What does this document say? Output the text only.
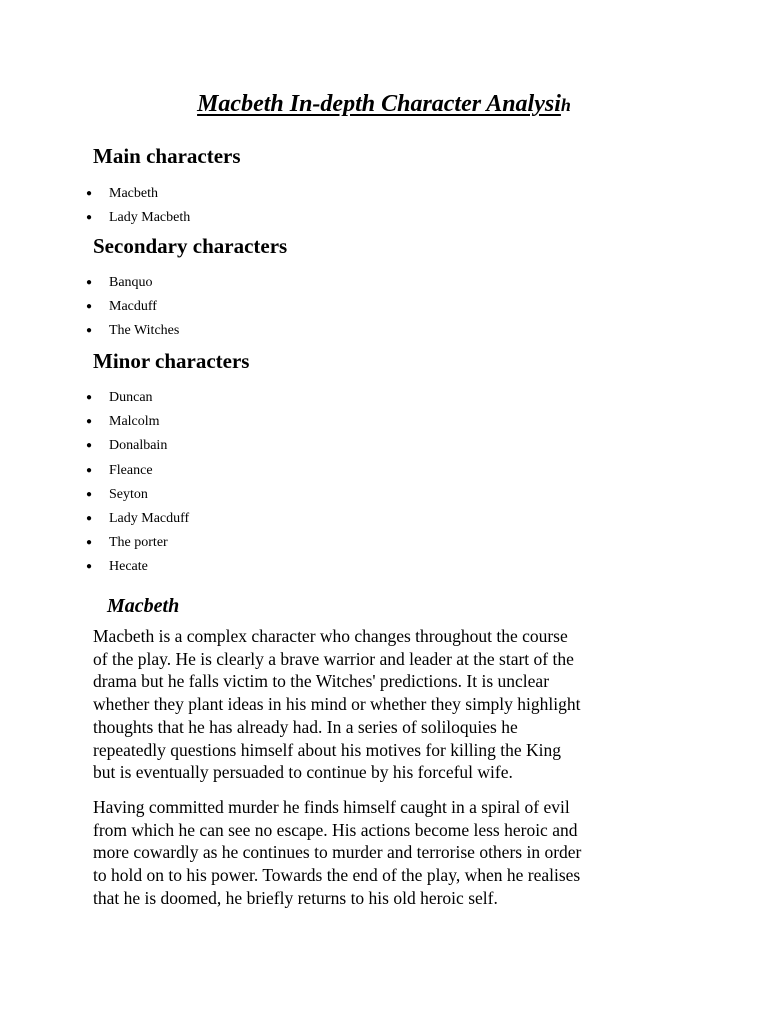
Macbeth In-depth Character Analysih
Main characters
● Macbeth
● Lady Macbeth
Secondary characters
● Banquo
● Macduff
● The Witches
Minor characters
● Duncan
● Malcolm
● Donalbain
● Fleance
● Seyton
● Lady Macduff
● The porter
● Hecate
Macbeth

Macbeth is a complex character who changes throughout the course
of the play. He is clearly a brave warrior and leader at the start of the
drama but he falls victim to the Witches' predictions. It is unclear
whether they plant ideas in his mind or whether they simply highlight
thoughts that he has already had. In a series of soliloquies he
repeatedly questions himself about his motives for killing the King
but is eventually persuaded to continue by his forceful wife.

Having committed murder he finds himself caught in a spiral of evil
from which he can see no escape. His actions become less heroic and
more cowardly as he continues to murder and terrorise others in order
to hold on to his power. Towards the end of the play, when he realises
that he is doomed, he briefly returns to his old heroic self.
